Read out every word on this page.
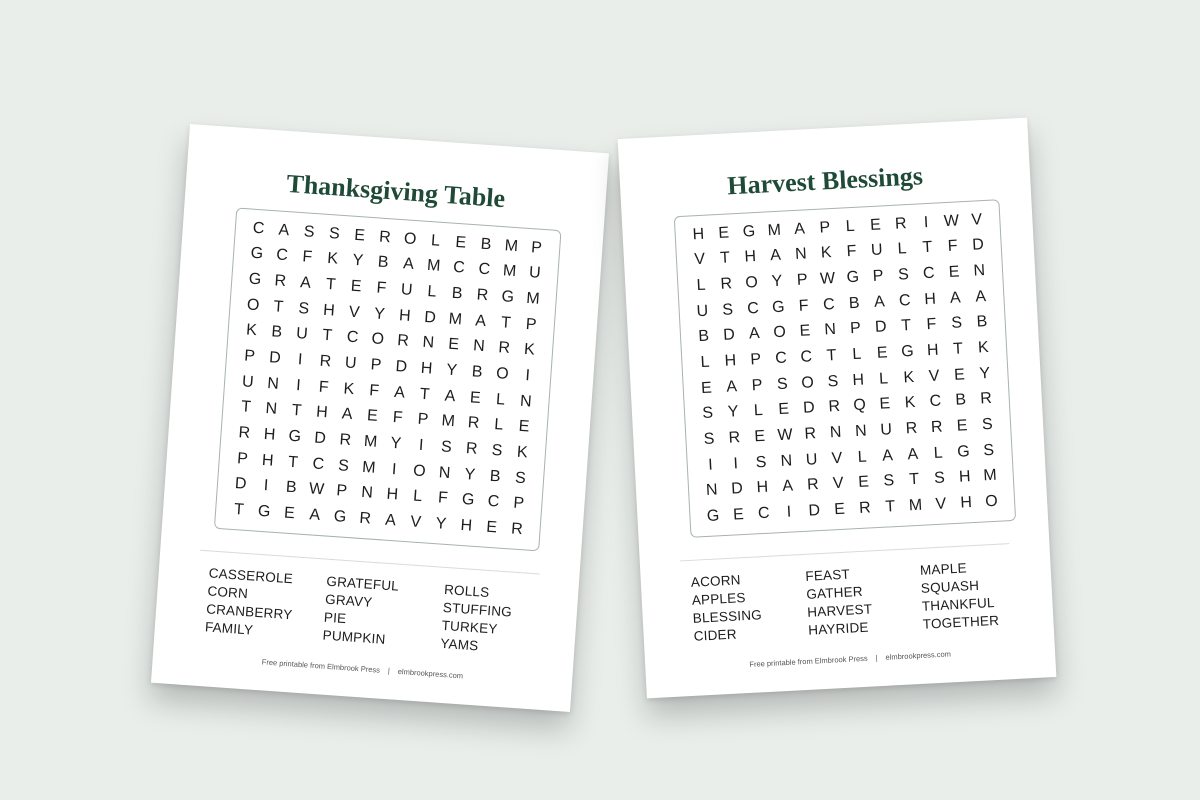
Thanksgiving Table
C A S S E R O L E B M P
G C F K Y B A M C C M U
G R A T E F U L B R G M
O T S H V Y H D M A T P
K B U T C O R N E N R K
P D	I	R U P D H Y B O I
U N	I	F K F A T A E L N
T N T H A E F P M R L E
R H G D R M Y	I	S R S K
P H T C S M I O N Y B S
D	I	B W P N H L F G C P
T G E A G R A V Y H E R
CASSEROLE
CORN
CRANBERRY
FAMILY
GRATEFUL
GRAVY
PIE
PUMPKIN
ROLLS
STUFFING
TURKEY
YAMS
Free printable from Elmbrook Press | elmbrookpress.com
Harvest Blessings
H E G M A P L E R	I W V
V T H A N K F U L T F D
L R O Y P W G P S C E N
U S C G F C B A C H A A
B D A O E N P D T F S B
L H P C C T L E G H T K
E A P S O S H L K V E Y
S Y L E D R Q E K C B R
S R E W R N N U R R E S
I	I	S N U V L A A L G S
N D H A R V E S T S H M
G E C	I	D E R T M V H O
ACORN
APPLES
BLESSING
CIDER
FEAST
GATHER
HARVEST
HAYRIDE
MAPLE
SQUASH
THANKFUL
TOGETHER
Free printable from Elmbrook Press | elmbrookpress.com
